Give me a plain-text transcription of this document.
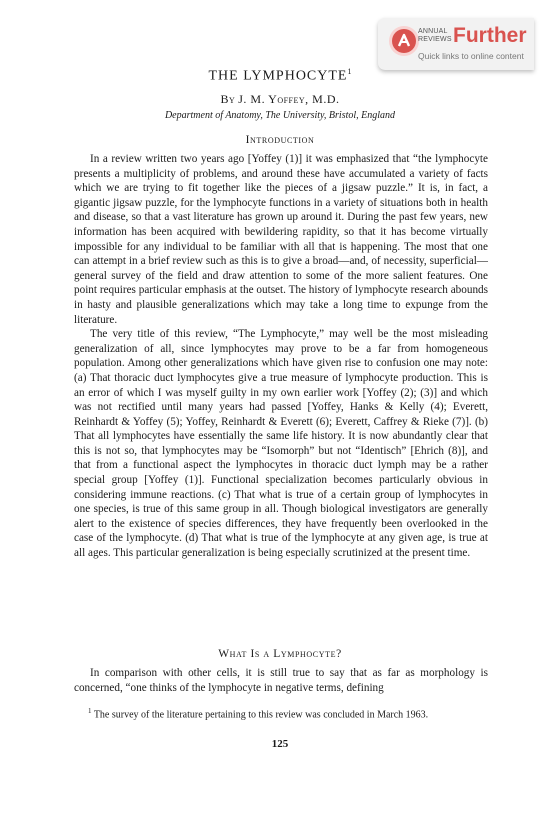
ANNUAL
REVIEWS Further
Quick links to online content
THE LYMPHOCYTE$^1$
By J. M. Yoffey, M.D.
Department of Anatomy, The University, Bristol, England
Introduction

In a review written two years ago [Yoffey (1)] it was emphasized that “the lymphocyte presents a multiplicity of problems, and around these have accumulated a variety of facts which we are trying to fit together like the pieces of a jigsaw puzzle.” It is, in fact, a gigantic jigsaw puzzle, for the lymphocyte functions in a variety of situations both in health and disease, so that a vast literature has grown up around it. During the past few years, new information has been acquired with bewildering rapidity, so that it has become virtually impossible for any individual to be familiar with all that is happening. The most that one can attempt in a brief review such as this is to give a broad—and, of necessity, superficial—general survey of the field and draw attention to some of the more salient features. One point requires particular emphasis at the outset. The history of lymphocyte research abounds in hasty and plausible generalizations which may take a long time to expunge from the literature.

The very title of this review, “The Lymphocyte,” may well be the most misleading generalization of all, since lymphocytes may prove to be a far from homogeneous population. Among other generalizations which have given rise to confusion one may note: (a) That thoracic duct lymphocytes give a true measure of lymphocyte production. This is an error of which I was myself guilty in my own earlier work [Yoffey (2); (3)] and which was not rectified until many years had passed [Yoffey, Hanks & Kelly (4); Everett, Reinhardt & Yoffey (5); Yoffey, Reinhardt & Everett (6); Everett, Caffrey & Rieke (7)]. (b) That all lymphocytes have essentially the same life history. It is now abundantly clear that this is not so, that lymphocytes may be “Isomorph” but not “Identisch” [Ehrich (8)], and that from a functional aspect the lymphocytes in thoracic duct lymph may be a rather special group [Yoffey (1)]. Functional specialization becomes particularly obvious in considering immune reactions. (c) That what is true of a certain group of lymphocytes in one species, is true of this same group in all. Though biological investigators are generally alert to the existence of species differences, they have frequently been overlooked in the case of the lymphocyte. (d) That what is true of the lymphocyte at any given age, is true at all ages. This particular generalization is being especially scrutinized at the present time.

What Is a Lymphocyte?

In comparison with other cells, it is still true to say that as far as morphology is concerned, “one thinks of the lymphocyte in negative terms, defining

$^1$ The survey of the literature pertaining to this review was concluded in March 1963.
125
